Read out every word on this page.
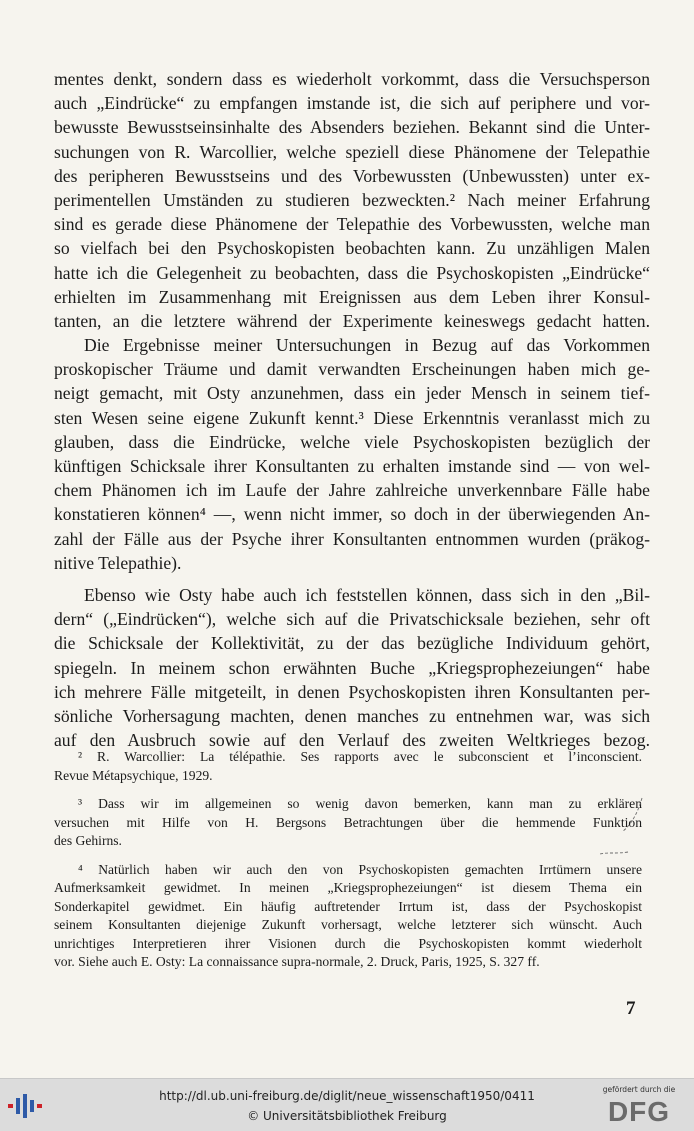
mentes denkt, sondern dass es wiederholt vorkommt, dass die Versuchsperson
auch „Eindrücke“ zu empfangen imstande ist, die sich auf periphere und vor-
bewusste Bewusstseinsinhalte des Absenders beziehen. Bekannt sind die Unter-
suchungen von R. Warcollier, welche speziell diese Phänomene der Telepathie
des peripheren Bewusstseins und des Vorbewussten (Unbewussten) unter ex-
perimentellen Umständen zu studieren bezweckten.² Nach meiner Erfahrung
sind es gerade diese Phänomene der Telepathie des Vorbewussten, welche man
so vielfach bei den Psychoskopisten beobachten kann. Zu unzähligen Malen
hatte ich die Gelegenheit zu beobachten, dass die Psychoskopisten „Eindrücke“
erhielten im Zusammenhang mit Ereignissen aus dem Leben ihrer Konsul-
tanten, an die letztere während der Experimente keineswegs gedacht hatten.
Die Ergebnisse meiner Untersuchungen in Bezug auf das Vorkommen
proskopischer Träume und damit verwandten Erscheinungen haben mich ge-
neigt gemacht, mit Osty anzunehmen, dass ein jeder Mensch in seinem tief-
sten Wesen seine eigene Zukunft kennt.³ Diese Erkenntnis veranlasst mich zu
glauben, dass die Eindrücke, welche viele Psychoskopisten bezüglich der
künftigen Schicksale ihrer Konsultanten zu erhalten imstande sind — von wel-
chem Phänomen ich im Laufe der Jahre zahlreiche unverkennbare Fälle habe
konstatieren können⁴ —, wenn nicht immer, so doch in der überwiegenden An-
zahl der Fälle aus der Psyche ihrer Konsultanten entnommen wurden (präkog-
nitive Telepathie).
Ebenso wie Osty habe auch ich feststellen können, dass sich in den „Bil-
dern“ („Eindrücken“), welche sich auf die Privatschicksale beziehen, sehr oft
die Schicksale der Kollektivität, zu der das bezügliche Individuum gehört,
spiegeln. In meinem schon erwähnten Buche „Kriegsprophezeiungen“ habe
ich mehrere Fälle mitgeteilt, in denen Psychoskopisten ihren Konsultanten per-
sönliche Vorhersagung machten, denen manches zu entnehmen war, was sich
auf den Ausbruch sowie auf den Verlauf des zweiten Weltkrieges bezog.
² R. Warcollier: La télépathie. Ses rapports avec le subconscient et l’inconscient.
Revue Métapsychique, 1929.
³ Dass wir im allgemeinen so wenig davon bemerken, kann man zu erklären
versuchen mit Hilfe von H. Bergsons Betrachtungen über die hemmende Funktion
des Gehirns.
⁴ Natürlich haben wir auch den von Psychoskopisten gemachten Irrtümern unsere
Aufmerksamkeit gewidmet. In meinen „Kriegsprophezeiungen“ ist diesem Thema ein
Sonderkapitel gewidmet. Ein häufig auftretender Irrtum ist, dass der Psychoskopist
seinem Konsultanten diejenige Zukunft vorhersagt, welche letzterer sich wünscht. Auch
unrichtiges Interpretieren ihrer Visionen durch die Psychoskopisten kommt wiederholt
vor. Siehe auch E. Osty: La connaissance supra-normale, 2. Druck, Paris, 1925, S. 327 ff.
7
http://dl.ub.uni-freiburg.de/diglit/neue_wissenschaft1950/0411
© Universitätsbibliothek Freiburg
gefördert durch die
DFG
